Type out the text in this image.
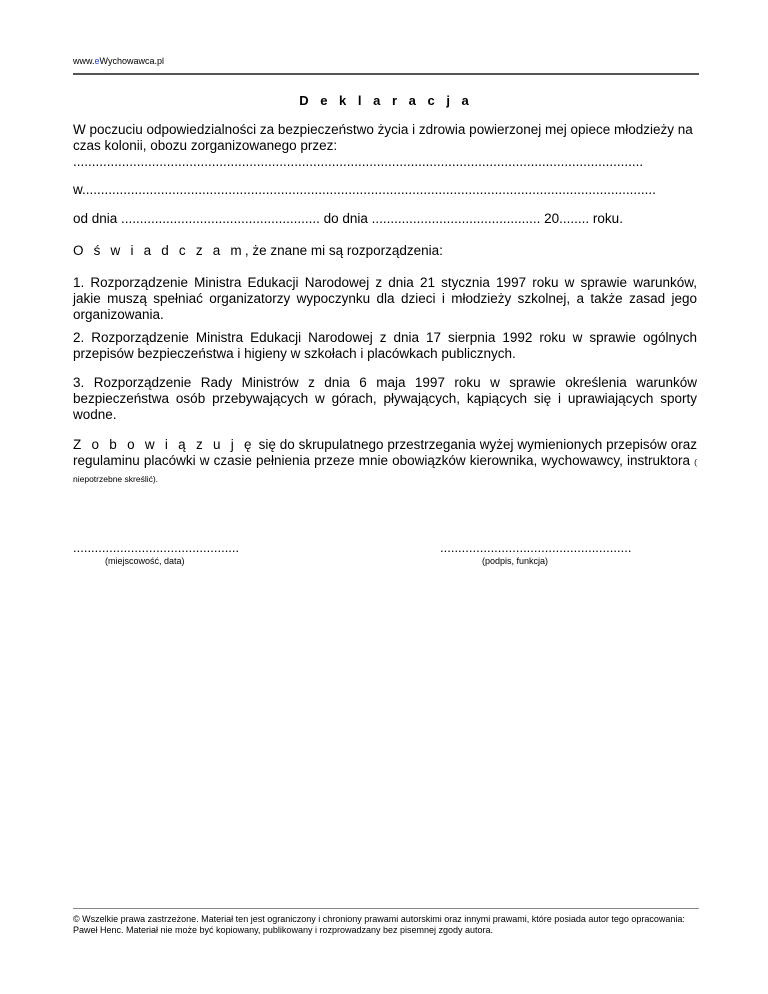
www.eWychowawca.pl
D e k l a r a c j a
W poczuciu odpowiedzialności za bezpieczeństwo życia i zdrowia powierzonej mej opiece młodzieży na czas kolonii, obozu zorganizowanego przez:
........................................................................................................................................................
w.........................................................................................................................................................
od dnia ..................................................... do dnia ............................................. 20........ roku.
O ś w i a d c z a m, że znane mi są rozporządzenia:
1. Rozporządzenie Ministra Edukacji Narodowej z dnia 21 stycznia 1997 roku w sprawie warunków, jakie muszą spełniać organizatorzy wypoczynku dla dzieci i młodzieży szkolnej, a także zasad jego organizowania.
2. Rozporządzenie Ministra Edukacji Narodowej z dnia 17 sierpnia 1992 roku w sprawie ogólnych przepisów bezpieczeństwa i higieny w szkołach i placówkach publicznych.
3. Rozporządzenie Rady Ministrów z dnia 6 maja 1997 roku w sprawie określenia warunków bezpieczeństwa osób przebywających w górach, pływających, kąpiących się i uprawiających sporty wodne.
Z o b o w i ą z u j ę się do skrupulatnego przestrzegania wyżej wymienionych przepisów oraz regulaminu placówki w czasie pełnienia przeze mnie obowiązków kierownika, wychowawcy, instruktora ( niepotrzebne skreślić).
..............................................
(miejscowość, data)
.....................................................
(podpis, funkcja)
© Wszelkie prawa zastrzeżone. Materiał ten jest ograniczony i chroniony prawami autorskimi oraz innymi prawami, które posiada autor tego opracowania: Paweł Henc. Materiał nie może być kopiowany, publikowany i rozprowadzany bez pisemnej zgody autora.
